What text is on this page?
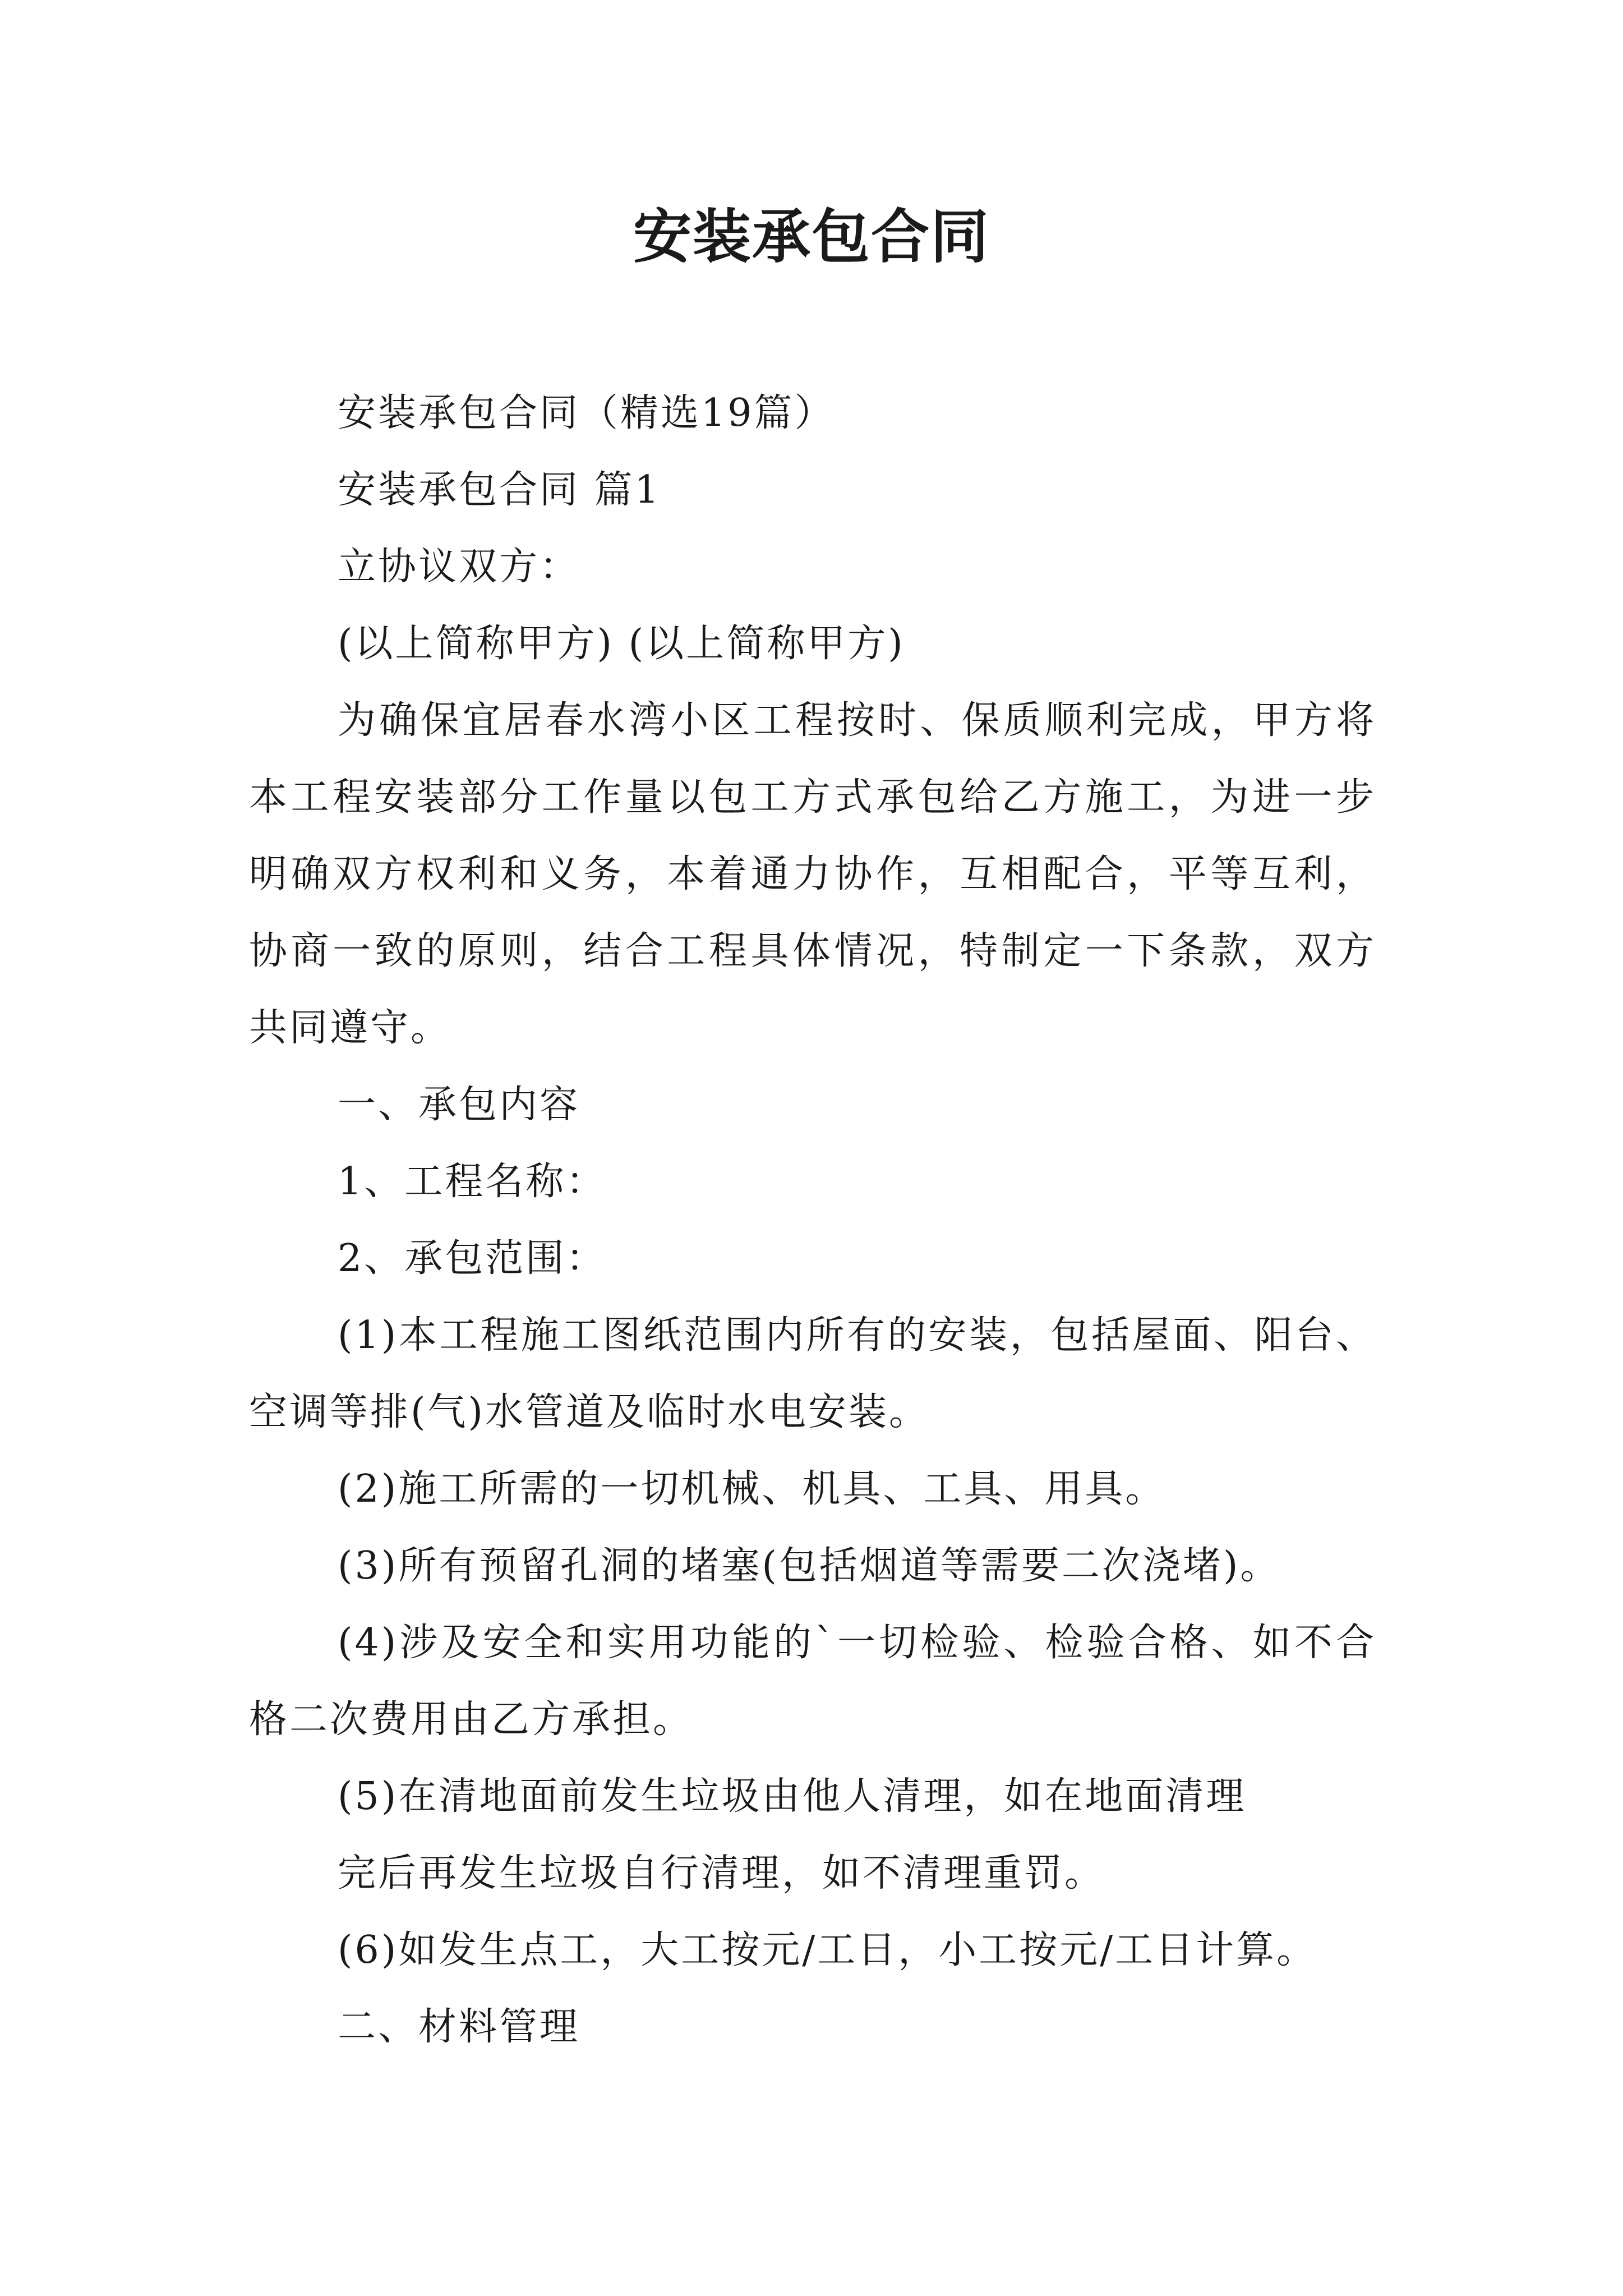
安装承包合同

安装承包合同（精选19篇）

安装承包合同 篇1

立协议双方：

(以上简称甲方) (以上简称甲方)

为确保宜居春水湾小区工程按时、保质顺利完成，甲方将本工程安装部分工作量以包工方式承包给乙方施工，为进一步明确双方权利和义务，本着通力协作，互相配合，平等互利，协商一致的原则，结合工程具体情况，特制定一下条款，双方共同遵守。

一、承包内容

1、工程名称：

2、承包范围：

(1)本工程施工图纸范围内所有的安装，包括屋面、阳台、空调等排(气)水管道及临时水电安装。

(2)施工所需的一切机械、机具、工具、用具。

(3)所有预留孔洞的堵塞(包括烟道等需要二次浇堵)。

(4)涉及安全和实用功能的`一切检验、检验合格、如不合格二次费用由乙方承担。

(5)在清地面前发生垃圾由他人清理，如在地面清理

完后再发生垃圾自行清理，如不清理重罚。

(6)如发生点工，大工按元/工日，小工按元/工日计算。

二、材料管理
